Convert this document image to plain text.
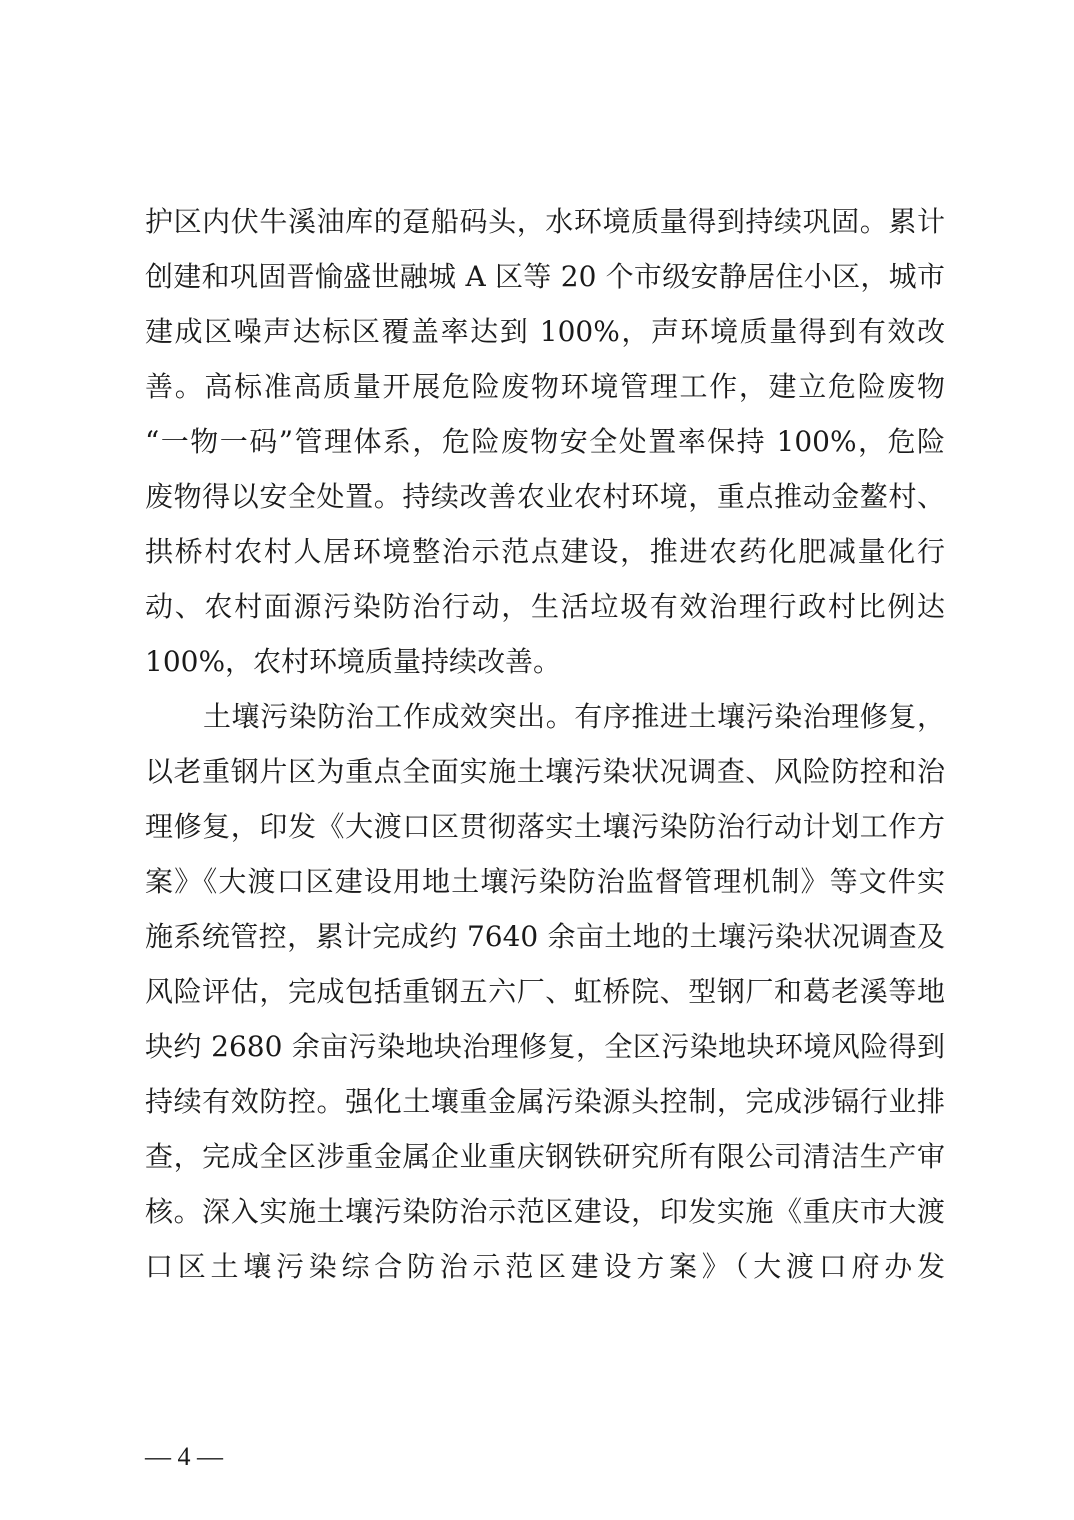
护区内伏牛溪油库的趸船码头，水环境质量得到持续巩固。累计
创建和巩固晋愉盛世融城 A 区等 20 个市级安静居住小区，城市
建成区噪声达标区覆盖率达到 100%，声环境质量得到有效改
善。高标准高质量开展危险废物环境管理工作，建立危险废物
“一物一码”管理体系，危险废物安全处置率保持 100%，危险
废物得以安全处置。持续改善农业农村环境，重点推动金鳌村、
拱桥村农村人居环境整治示范点建设，推进农药化肥减量化行
动、农村面源污染防治行动，生活垃圾有效治理行政村比例达
100%，农村环境质量持续改善。
土壤污染防治工作成效突出。有序推进土壤污染治理修复，
以老重钢片区为重点全面实施土壤污染状况调查、风险防控和治
理修复，印发《大渡口区贯彻落实土壤污染防治行动计划工作方
案》《大渡口区建设用地土壤污染防治监督管理机制》等文件实
施系统管控，累计完成约 7640 余亩土地的土壤污染状况调查及
风险评估，完成包括重钢五六厂、虹桥院、型钢厂和葛老溪等地
块约 2680 余亩污染地块治理修复，全区污染地块环境风险得到
持续有效防控。强化土壤重金属污染源头控制，完成涉镉行业排
查，完成全区涉重金属企业重庆钢铁研究所有限公司清洁生产审
核。深入实施土壤污染防治示范区建设，印发实施《重庆市大渡
口区土壤污染综合防治示范区建设方案》（大渡口府办发
— 4 —
